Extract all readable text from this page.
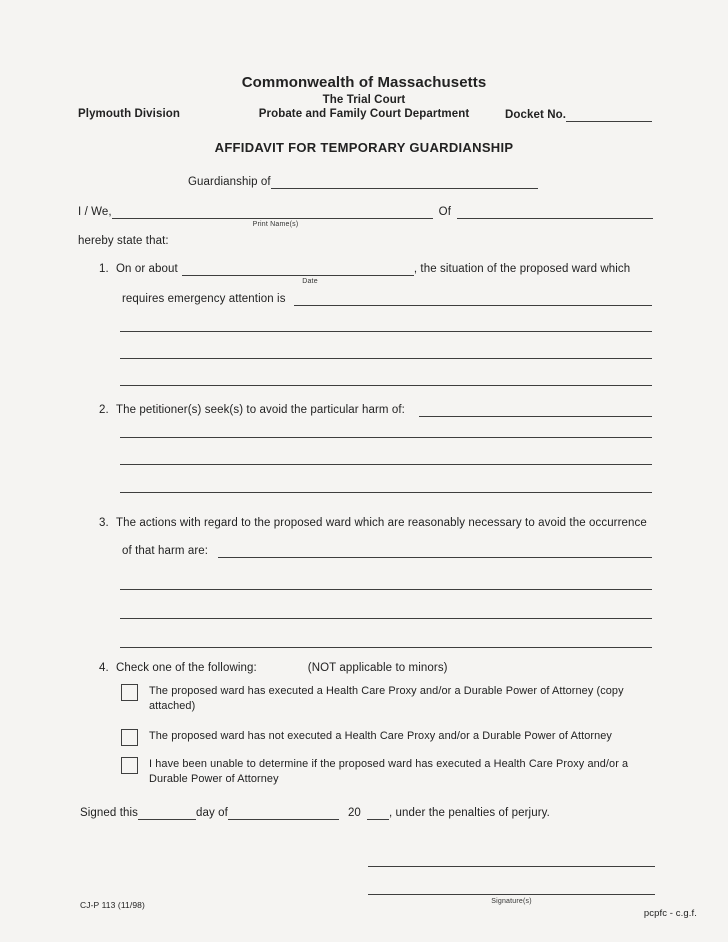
Commonwealth of Massachusetts
The Trial Court
Plymouth Division	Probate and Family Court Department	Docket No.
AFFIDAVIT FOR TEMPORARY GUARDIANSHIP
Guardianship of
I / We,	Of
Print Name(s)
hereby state that:
1. On or about	, the situation of the proposed ward which
Date
requires emergency attention is
2. The petitioner(s) seek(s) to avoid the particular harm of:
3. The actions with regard to the proposed ward which are reasonably necessary to avoid the occurrence
of that harm are:
4. Check one of the following:	(NOT applicable to minors)
The proposed ward has executed a Health Care Proxy and/or a Durable Power of Attorney (copy attached)
The proposed ward has not executed a Health Care Proxy and/or a Durable Power of Attorney
I have been unable to determine if the proposed ward has executed a Health Care Proxy and/or a Durable Power of Attorney
Signed this	day of	20 , under the penalties of perjury.
Signature(s)
CJ-P 113 (11/98)
pcpfc - c.g.f.
